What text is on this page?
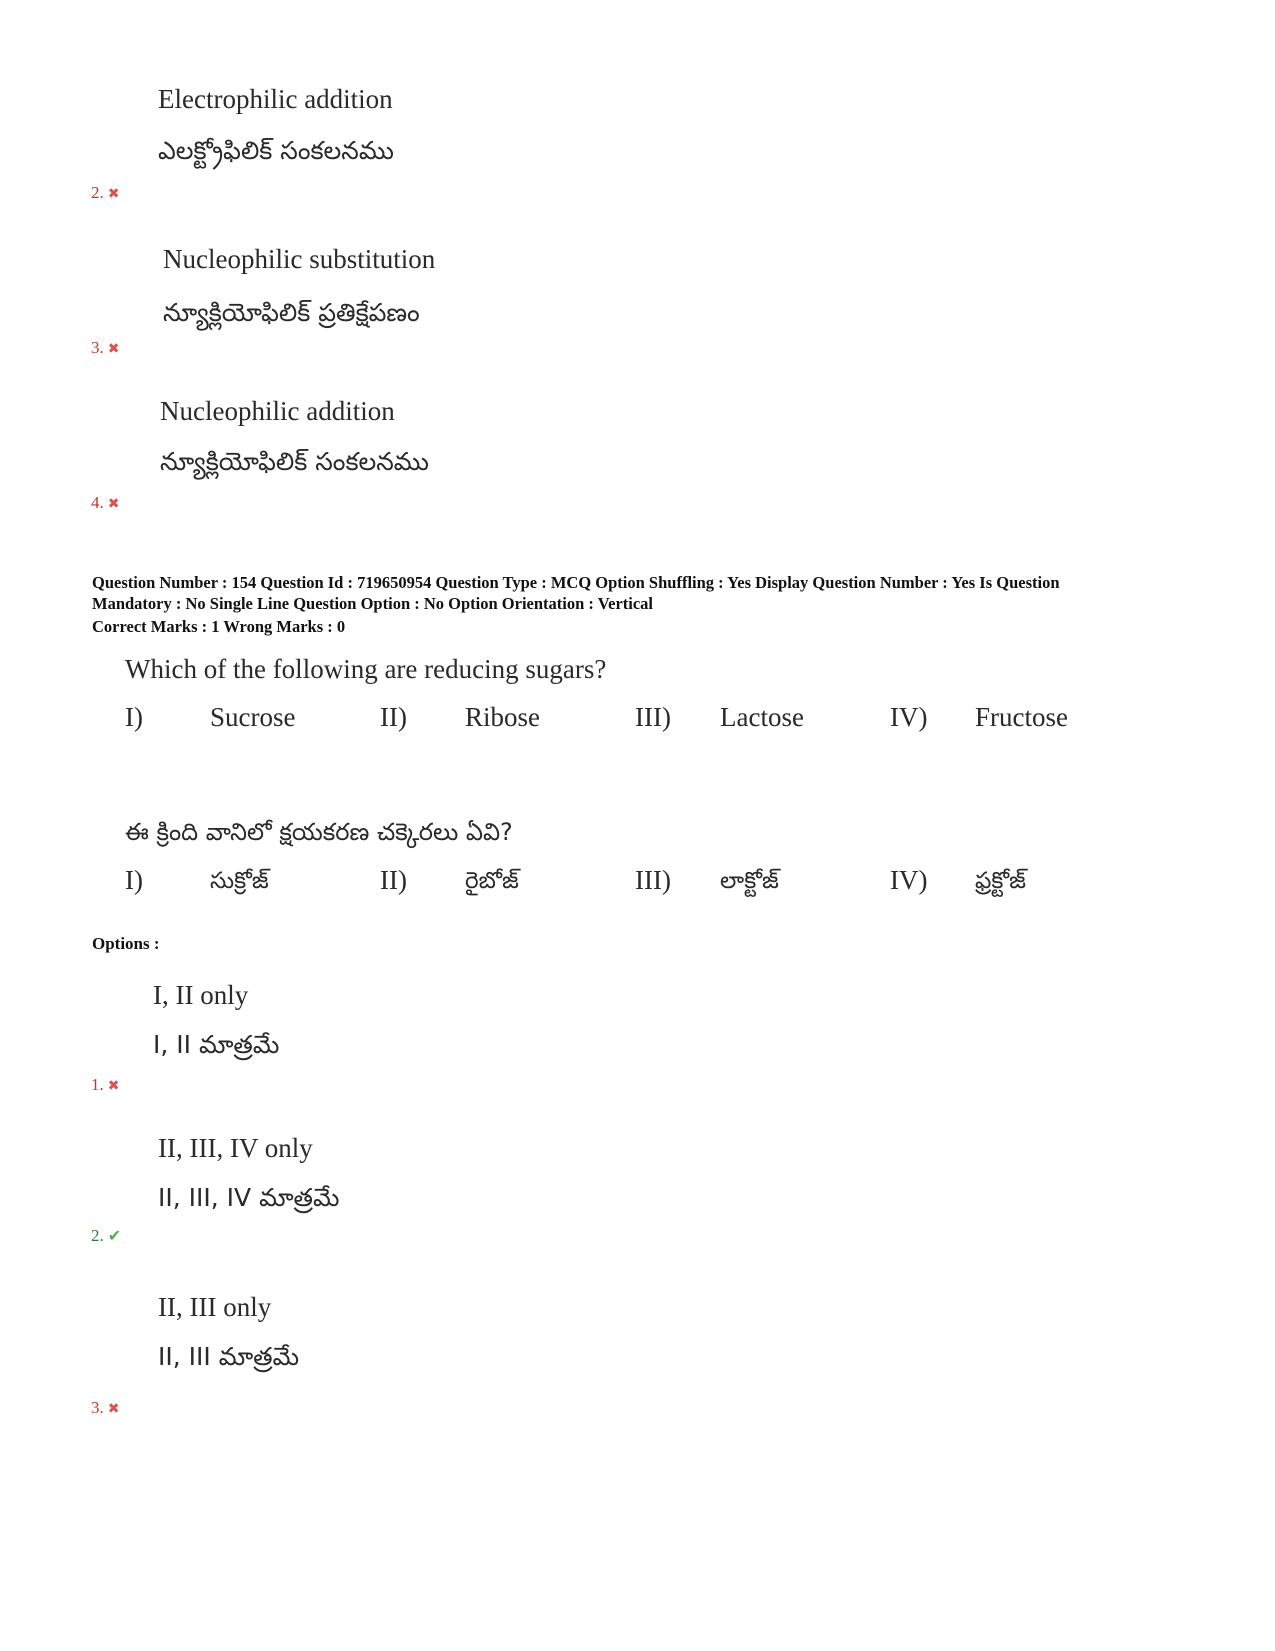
Electrophilic addition
ఎలక్ట్రోఫిలిక్ సంకలనము
2. ✖
Nucleophilic substitution
న్యూక్లియోఫిలిక్ ప్రతిక్షేపణం
3. ✖
Nucleophilic addition
న్యూక్లియోఫిలిక్ సంకలనము
4. ✖
Question Number : 154 Question Id : 719650954 Question Type : MCQ Option Shuffling : Yes Display Question Number : Yes Is Question
Mandatory : No Single Line Question Option : No Option Orientation : Vertical
Correct Marks : 1 Wrong Marks : 0
Which of the following are reducing sugars?
I) Sucrose	II) Ribose	III) Lactose	IV) Fructose
ఈ క్రింది వానిలో క్షయకరణ చక్కెరలు ఏవి?
I)	సుక్రోజ్	II)	రైబోజ్	III) లాక్టోజ్	IV) ఫ్రక్టోజ్
Options :
I, II only
I, II మాత్రమే
1. ✖
II, III, IV only
II, III, IV మాత్రమే
2. ✔
II, III only
II, III మాత్రమే
3. ✖
